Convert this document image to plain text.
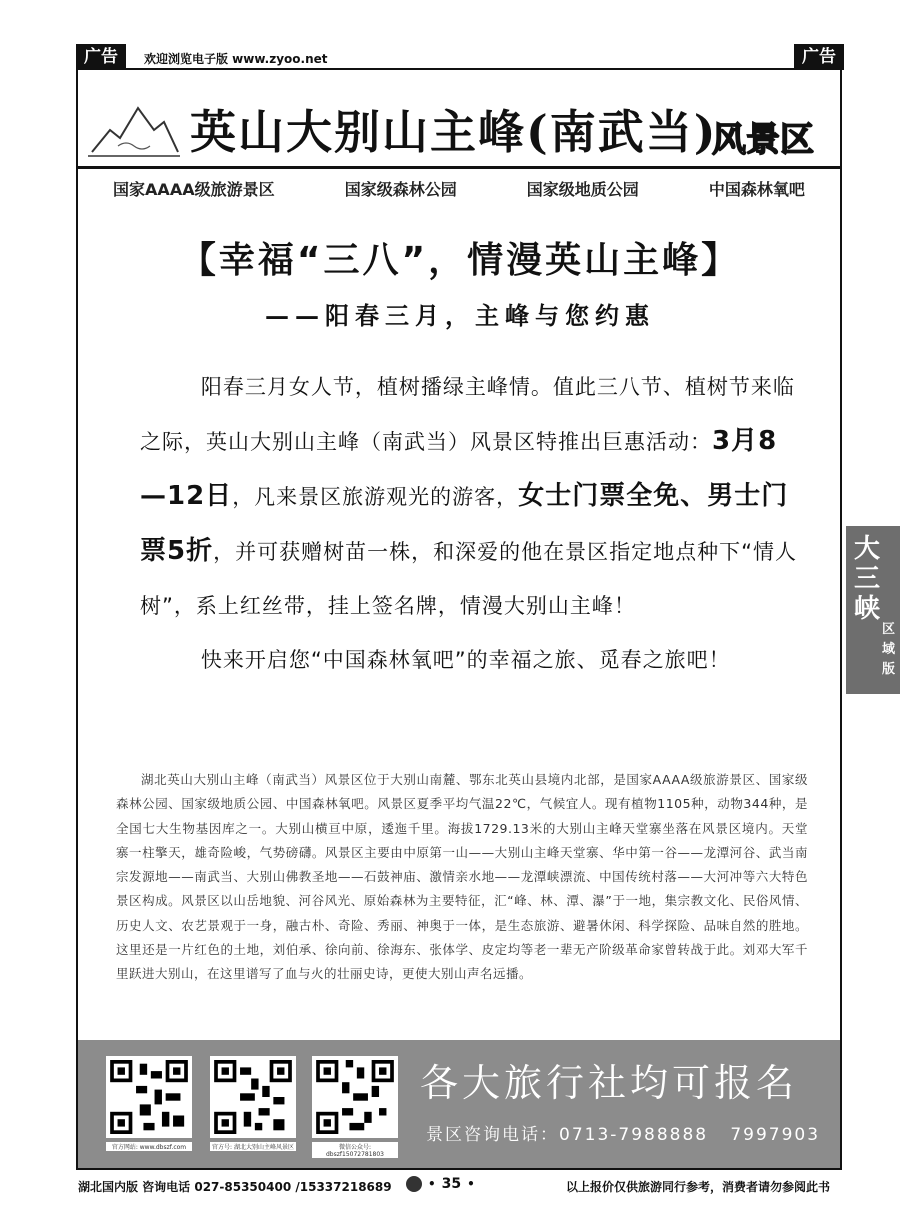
广告	欢迎浏览电子版 www.zyoo.net	广告
英山大别山主峰(南武当)
风景区
国家AAAA级旅游景区	国家级森林公园	国家级地质公园	中国森林氧吧
【幸福“三八”，情漫英山主峰】
——阳春三月，主峰与您约惠

阳春三月女人节，植树播绿主峰情。值此三八节、植树节来临之际，英山大别山主峰（南武当）风景区特推出巨惠活动：3月8—12日，凡来景区旅游观光的游客，女士门票全免、男士门票5折，并可获赠树苗一株，和深爱的他在景区指定地点种下“情人树”，系上红丝带，挂上签名牌，情漫大别山主峰！

快来开启您“中国森林氧吧”的幸福之旅、觅春之旅吧！

湖北英山大别山主峰（南武当）风景区位于大别山南麓、鄂东北英山县境内北部，是国家AAAA级旅游景区、国家级森林公园、国家级地质公园、中国森林氧吧。风景区夏季平均气温22℃，气候宜人。现有植物1105种，动物344种，是全国七大生物基因库之一。大别山横亘中原，逶迤千里。海拔1729.13米的大别山主峰天堂寨坐落在风景区境内。天堂寨一柱擎天，雄奇险峻，气势磅礴。风景区主要由中原第一山——大别山主峰天堂寨、华中第一谷——龙潭河谷、武当南宗发源地——南武当、大别山佛教圣地——石鼓神庙、激情亲水地——龙潭峡漂流、中国传统村落——大河冲等六大特色景区构成。风景区以山岳地貌、河谷风光、原始森林为主要特征，汇“峰、林、潭、瀑”于一地，集宗教文化、民俗风情、历史人文、农艺景观于一身，融古朴、奇险、秀丽、神奥于一体，是生态旅游、避暑休闲、科学探险、品味自然的胜地。这里还是一片红色的土地，刘伯承、徐向前、徐海东、张体学、皮定均等老一辈无产阶级革命家曾转战于此。刘邓大军千里跃进大别山，在这里谱写了血与火的壮丽史诗，更使大别山声名远播。
官方网站: www.dbszf.com	官方号: 湖北大别山主峰风景区	微信公众号: dbszf15072781803
各大旅行社均可报名
景区咨询电话：0713-7988888   7997903
大三峡
区域版
湖北国内版 咨询电话 027-85350400 /15337218689	• 35 •	以上报价仅供旅游同行参考，消费者请勿参阅此书
